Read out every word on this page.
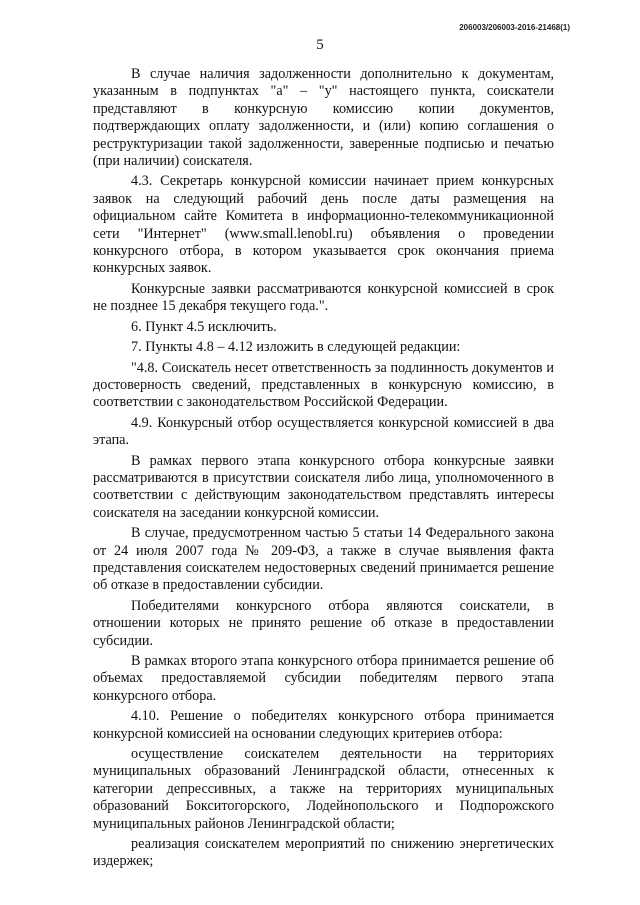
206003/206003-2016-21468(1)
5

В случае наличия задолженности дополнительно к документам, указанным в подпунктах "а" – "у" настоящего пункта, соискатели представляют в конкурсную комиссию копии документов, подтверждающих оплату задолженности, и (или) копию соглашения о реструктуризации такой задолженности, заверенные подписью и печатью (при наличии) соискателя.

4.3. Секретарь конкурсной комиссии начинает прием конкурсных заявок на следующий рабочий день после даты размещения на официальном сайте Комитета в информационно-телекоммуникационной сети "Интернет" (www.small.lenobl.ru) объявления о проведении конкурсного отбора, в котором указывается срок окончания приема конкурсных заявок.

Конкурсные заявки рассматриваются конкурсной комиссией в срок не позднее 15 декабря текущего года.".

6. Пункт 4.5 исключить.

7. Пункты 4.8 – 4.12 изложить в следующей редакции:

"4.8. Соискатель несет ответственность за подлинность документов и достоверность сведений, представленных в конкурсную комиссию, в соответствии с законодательством Российской Федерации.

4.9. Конкурсный отбор осуществляется конкурсной комиссией в два этапа.

В рамках первого этапа конкурсного отбора конкурсные заявки рассматриваются в присутствии соискателя либо лица, уполномоченного в соответствии с действующим законодательством представлять интересы соискателя на заседании конкурсной комиссии.

В случае, предусмотренном частью 5 статьи 14 Федерального закона от 24 июля 2007 года № 209-ФЗ, а также в случае выявления факта представления соискателем недостоверных сведений принимается решение об отказе в предоставлении субсидии.

Победителями конкурсного отбора являются соискатели, в отношении которых не принято решение об отказе в предоставлении субсидии.

В рамках второго этапа конкурсного отбора принимается решение об объемах предоставляемой субсидии победителям первого этапа конкурсного отбора.

4.10. Решение о победителях конкурсного отбора принимается конкурсной комиссией на основании следующих критериев отбора:

осуществление соискателем деятельности на территориях муниципальных образований Ленинградской области, отнесенных к категории депрессивных, а также на территориях муниципальных образований Бокситогорского, Лодейнопольского и Подпорожского муниципальных районов Ленинградской области;

реализация соискателем мероприятий по снижению энергетических издержек;
